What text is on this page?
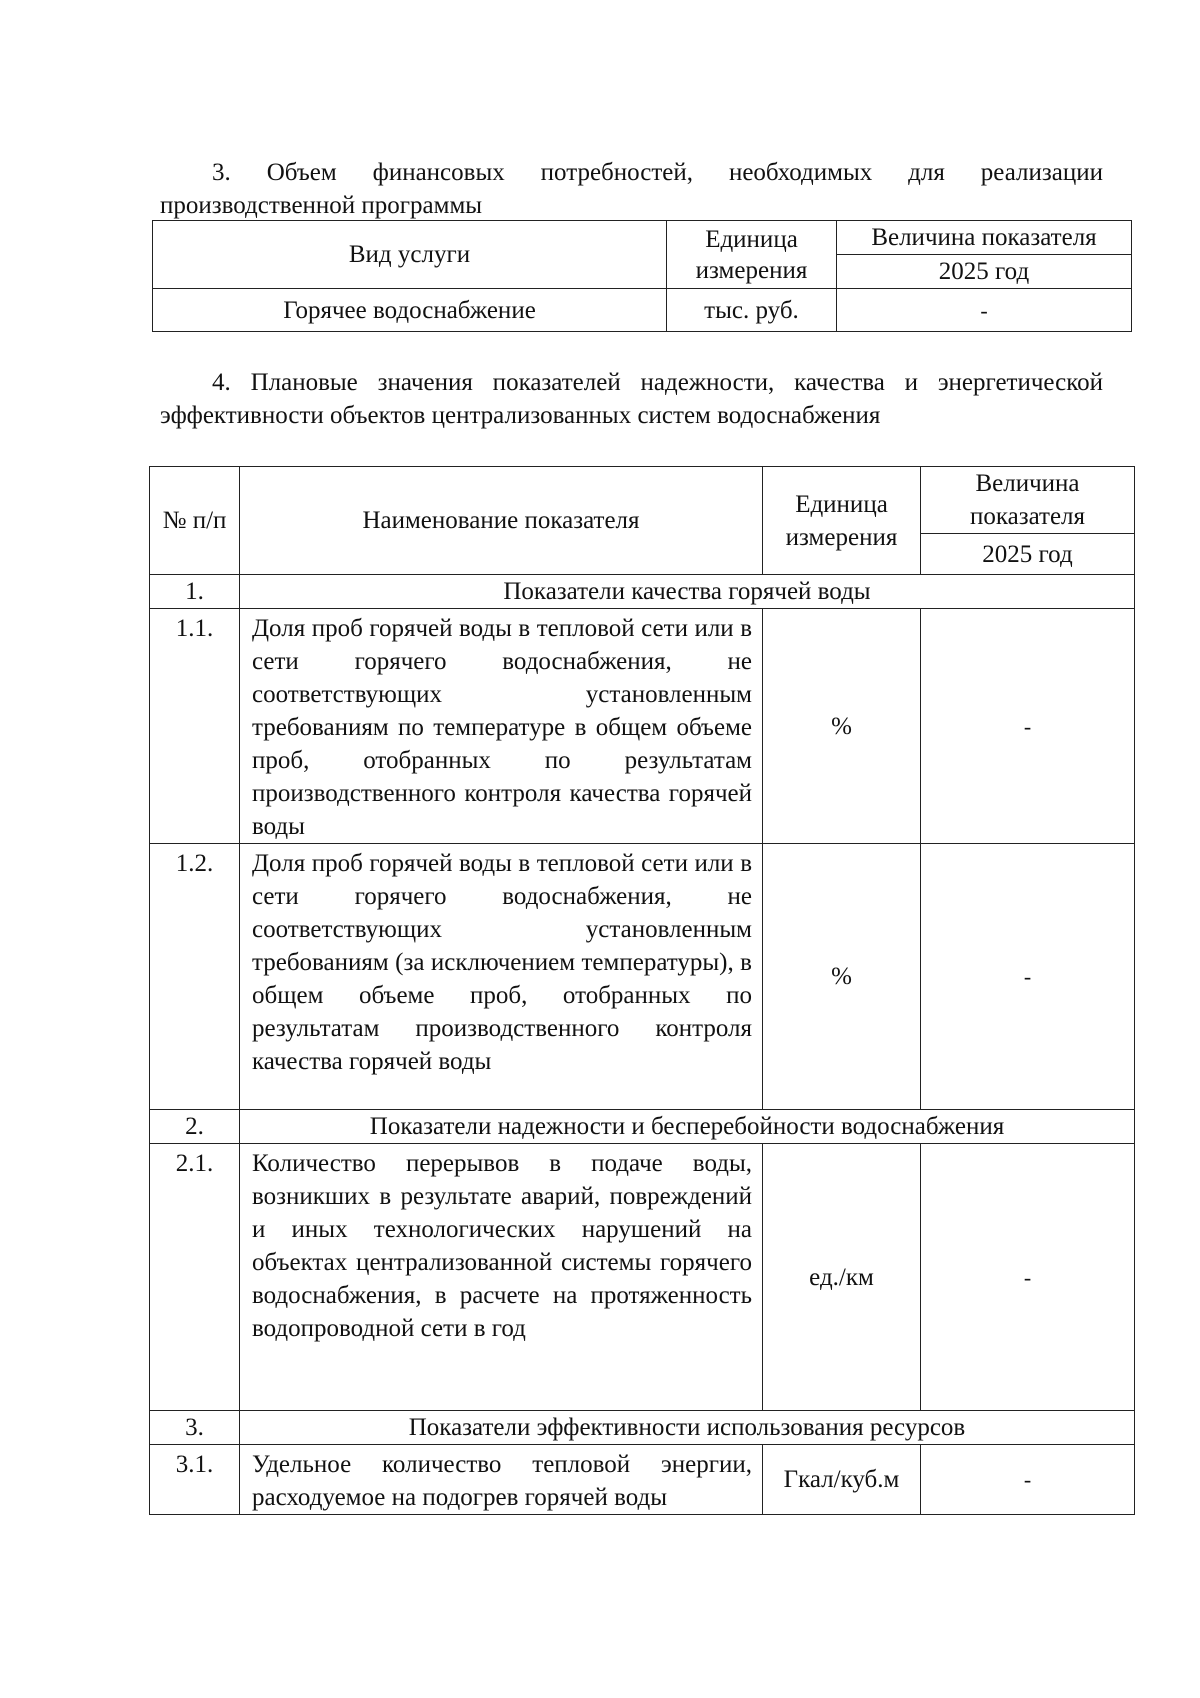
3. Объем финансовых потребностей, необходимых для реализации производственной программы

Вид услуги	Единица измерения	Величина показателя
		2025 год
Горячее водоснабжение	тыс. руб.	-

4. Плановые значения показателей надежности, качества и энергетической эффективности объектов централизованных систем водоснабжения

№ п/п	Наименование показателя	Единица измерения	Величина показателя
			2025 год
1.	Показатели качества горячей воды		
1.1.	Доля проб горячей воды в тепловой сети или в сети горячего водоснабжения, не соответствующих установленным требованиям по температуре в общем объеме проб, отобранных по результатам производственного контроля качества горячей воды	%	-
1.2.	Доля проб горячей воды в тепловой сети или в сети горячего водоснабжения, не соответствующих установленным требованиям (за исключением температуры), в общем объеме проб, отобранных по результатам производственного контроля качества горячей воды	%	-
2.	Показатели надежности и бесперебойности водоснабжения		
2.1.	Количество перерывов в подаче воды, возникших в результате аварий, повреждений и иных технологических нарушений на объектах централизованной системы горячего водоснабжения, в расчете на протяженность водопроводной сети в год	ед./км	-
3.	Показатели эффективности использования ресурсов		
3.1.	Удельное количество тепловой энергии, расходуемое на подогрев горячей воды	Гкал/куб.м	-
